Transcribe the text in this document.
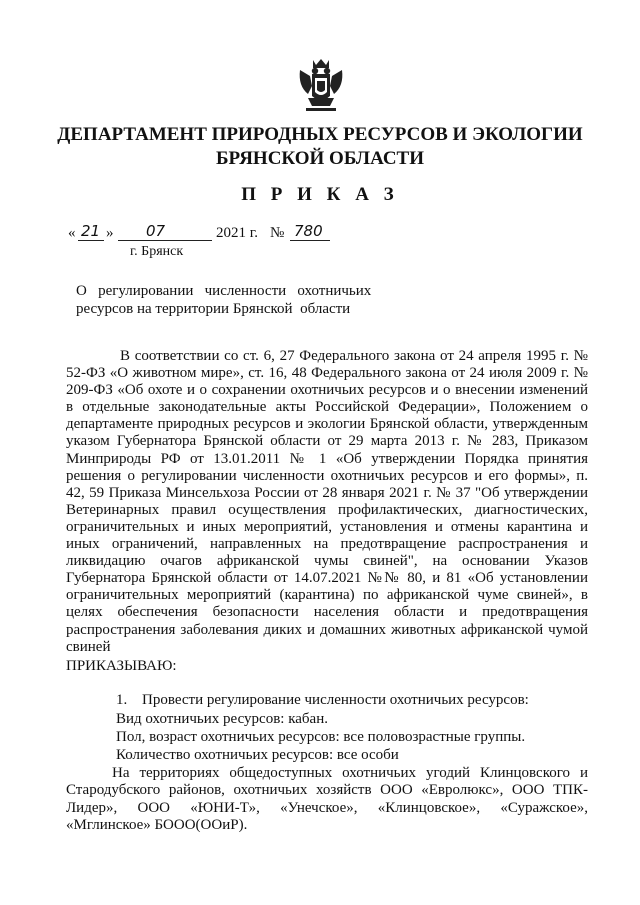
ДЕПАРТАМЕНТ ПРИРОДНЫХ РЕСУРСОВ И ЭКОЛОГИИ
БРЯНСКОЙ ОБЛАСТИ
П Р И К А З
« 21 » 07	2021 г. № 780
г. Брянск
О   регулировании   численности   охотничьих
ресурсов на территории Брянской  области
В соответствии со ст. 6, 27 Федерального закона от 24 апреля 1995 г. № 52-ФЗ «О животном мире», ст. 16, 48 Федерального закона от 24 июля 2009 г. № 209-ФЗ «Об охоте и о сохранении охотничьих ресурсов и о внесении изменений в отдельные законодательные акты Российской Федерации», Положением о департаменте природных ресурсов и экологии Брянской области, утвержденным указом Губернатора Брянской области от 29 марта 2013 г. № 283, Приказом Минприроды РФ от 13.01.2011 № 1 «Об утверждении Порядка принятия решения о регулировании численности охотничьих ресурсов и его формы», п. 42, 59 Приказа Минсельхоза России от 28 января 2021 г. № 37 "Об утверждении Ветеринарных правил осуществления профилактических, диагностических, ограничительных и иных мероприятий, установления и отмены карантина и иных ограничений, направленных на предотвращение распространения и ликвидацию очагов африканской чумы свиней", на основании Указов Губернатора Брянской области от 14.07.2021 №№ 80, и 81 «Об установлении ограничительных мероприятий (карантина) по африканской чуме свиней», в целях обеспечения безопасности населения области и предотвращения распространения заболевания диких и домашних животных африканской чумой свиней
ПРИКАЗЫВАЮ:
1. Провести регулирование численности охотничьих ресурсов:
Вид охотничьих ресурсов: кабан.
Пол, возраст охотничьих ресурсов: все половозрастные группы.
Количество охотничьих ресурсов: все особи
На территориях общедоступных охотничьих угодий Клинцовского и Стародубского районов, охотничьих хозяйств ООО «Евролюкс», ООО ТПК-Лидер», ООО «ЮНИ-Т», «Унечское», «Клинцовское», «Суражское», «Мглинское» БООО(ООиР).
